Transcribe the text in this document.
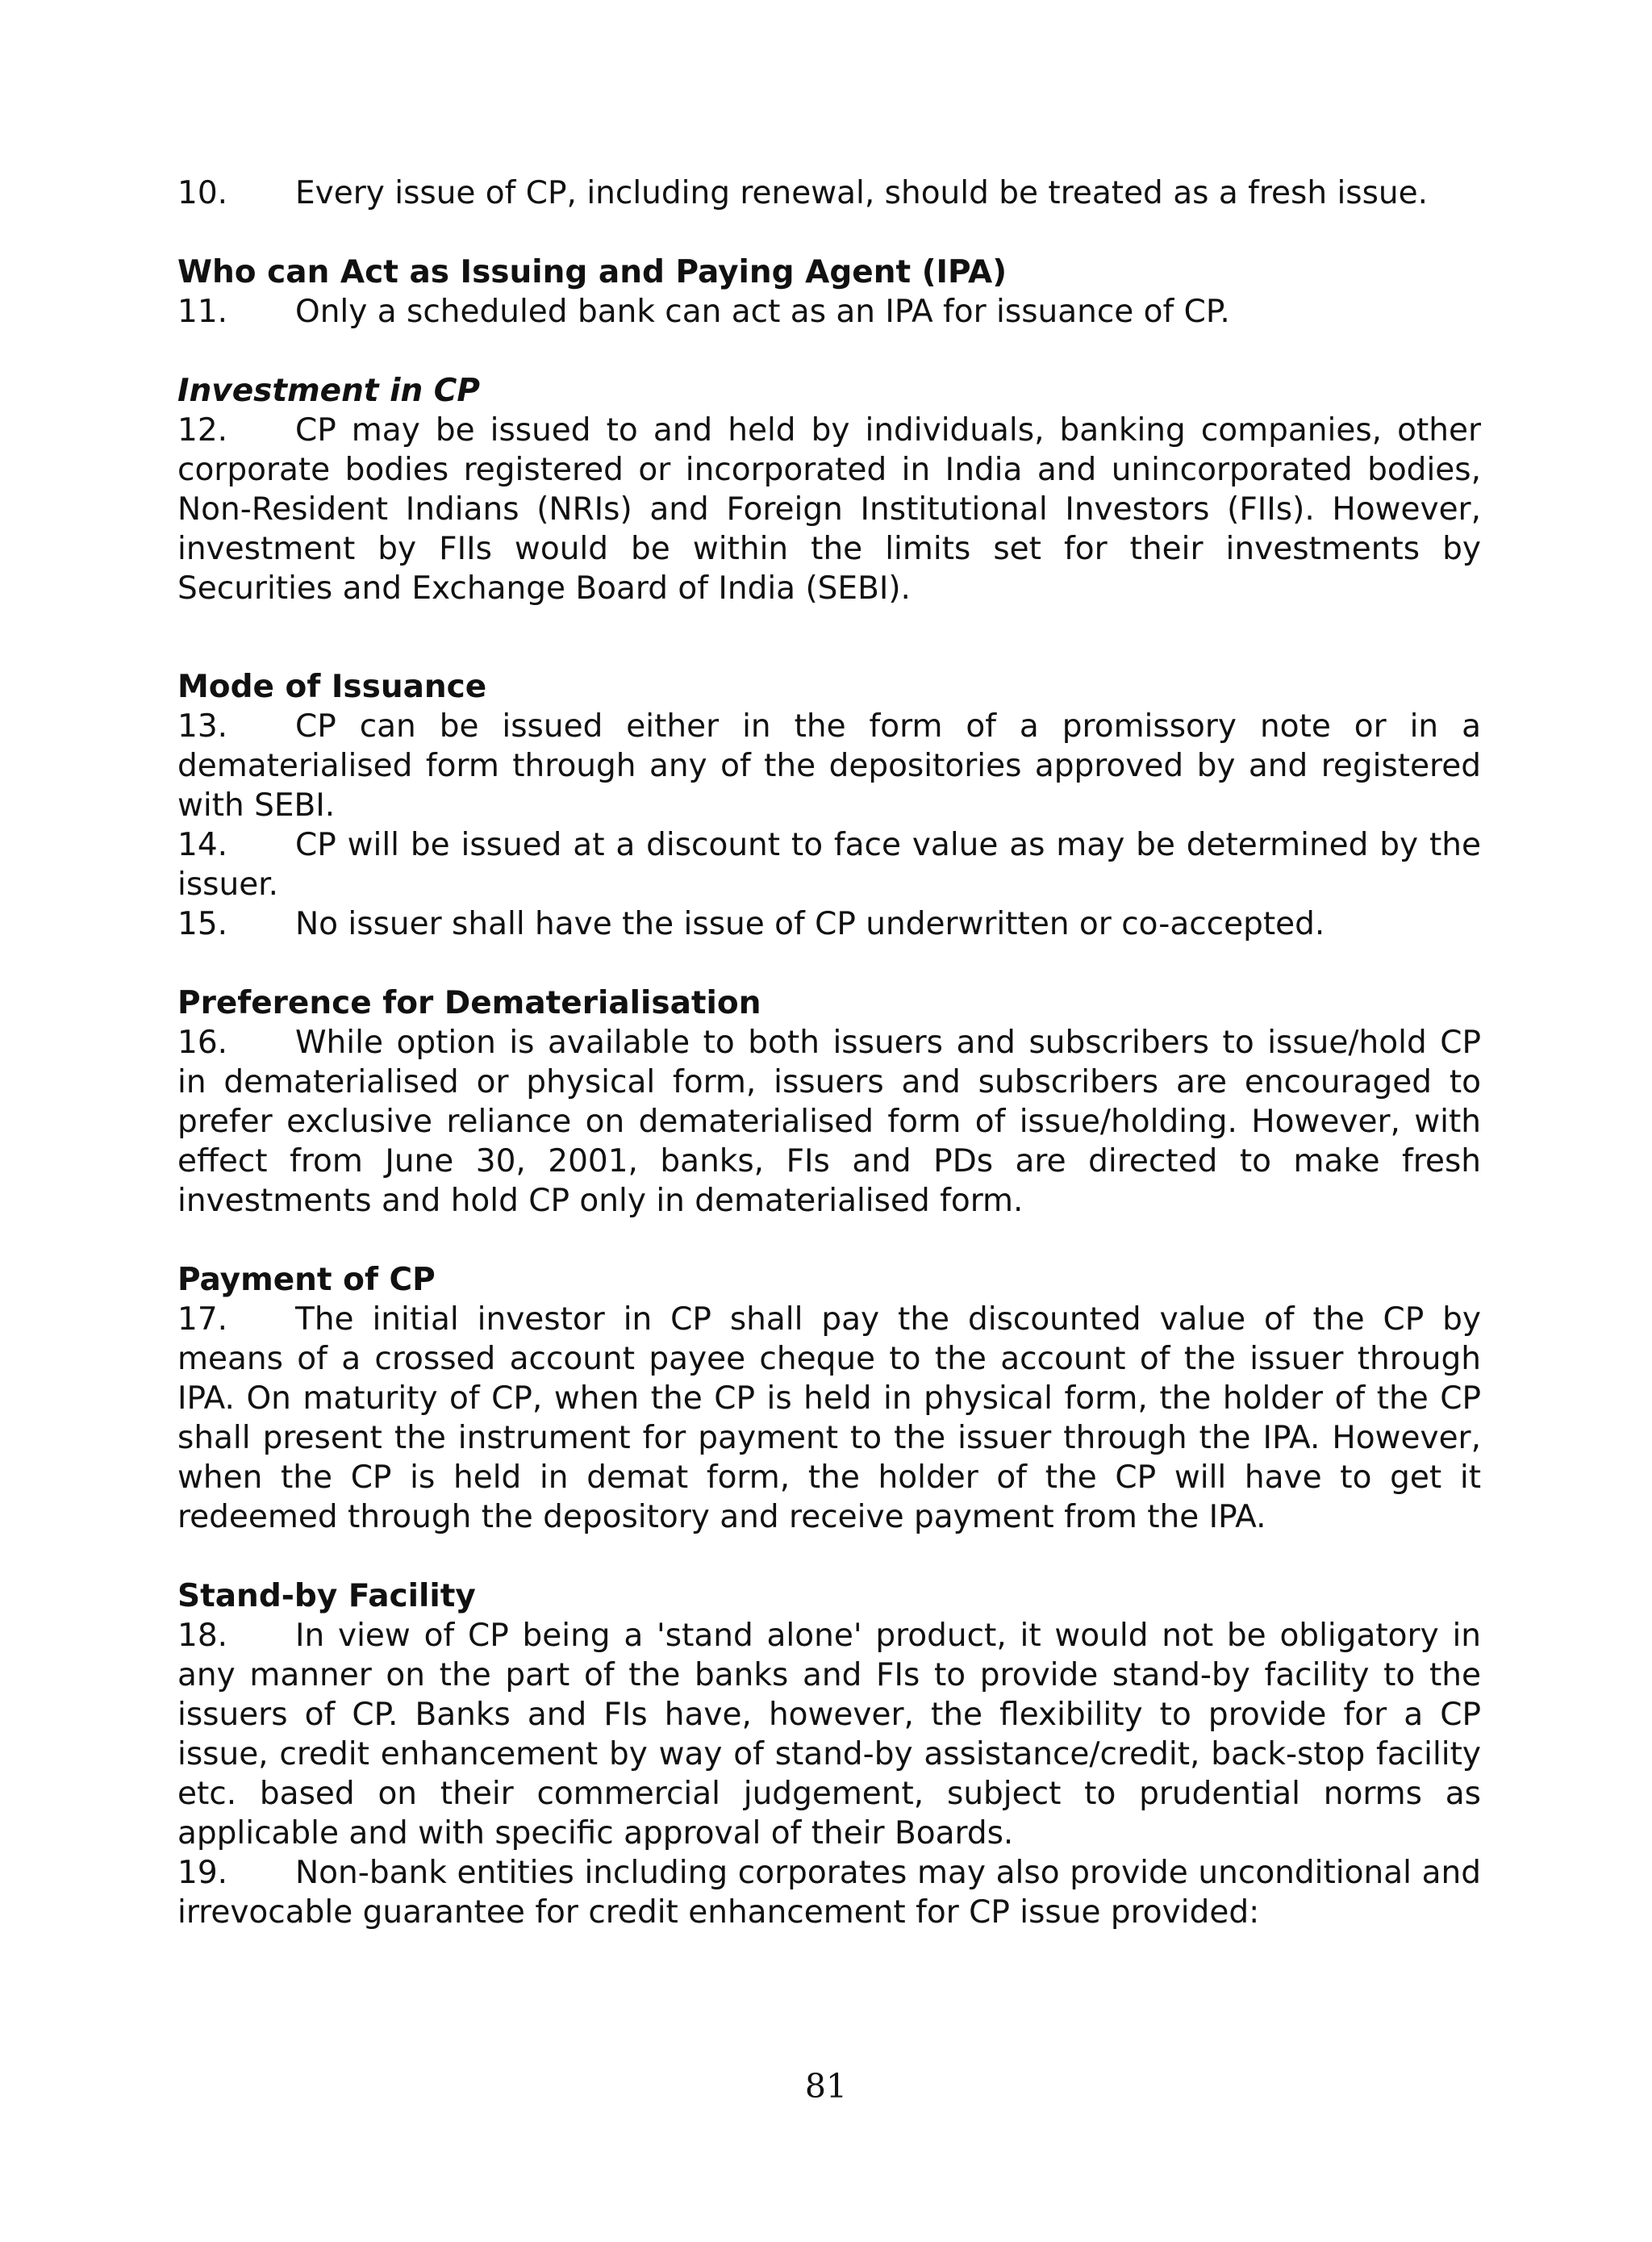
10. Every issue of CP, including renewal, should be treated as a fresh issue.

Who can Act as Issuing and Paying Agent (IPA)

11. Only a scheduled bank can act as an IPA for issuance of CP.

Investment in CP

12. CP may be issued to and held by individuals, banking companies, other corporate bodies registered or incorporated in India and unincorporated bodies, Non-Resident Indians (NRIs) and Foreign Institutional Investors (FIIs). However, investment by FIIs would be within the limits set for their investments by Securities and Exchange Board of India (SEBI).

Mode of Issuance

13. CP can be issued either in the form of a promissory note or in a dematerialised form through any of the depositories approved by and registered with SEBI.

14. CP will be issued at a discount to face value as may be determined by the issuer.

15. No issuer shall have the issue of CP underwritten or co-accepted.

Preference for Dematerialisation

16. While option is available to both issuers and subscribers to issue/hold CP in dematerialised or physical form, issuers and subscribers are encouraged to prefer exclusive reliance on dematerialised form of issue/holding. However, with effect from June 30, 2001, banks, FIs and PDs are directed to make fresh investments and hold CP only in dematerialised form.

Payment of CP

17. The initial investor in CP shall pay the discounted value of the CP by means of a crossed account payee cheque to the account of the issuer through IPA. On maturity of CP, when the CP is held in physical form, the holder of the CP shall present the instrument for payment to the issuer through the IPA. However, when the CP is held in demat form, the holder of the CP will have to get it redeemed through the depository and receive payment from the IPA.

Stand-by Facility

18. In view of CP being a 'stand alone' product, it would not be obligatory in any manner on the part of the banks and FIs to provide stand-by facility to the issuers of CP. Banks and FIs have, however, the flexibility to provide for a CP issue, credit enhancement by way of stand-by assistance/credit, back-stop facility etc. based on their commercial judgement, subject to prudential norms as applicable and with specific approval of their Boards.

19. Non-bank entities including corporates may also provide unconditional and irrevocable guarantee for credit enhancement for CP issue provided:

81
